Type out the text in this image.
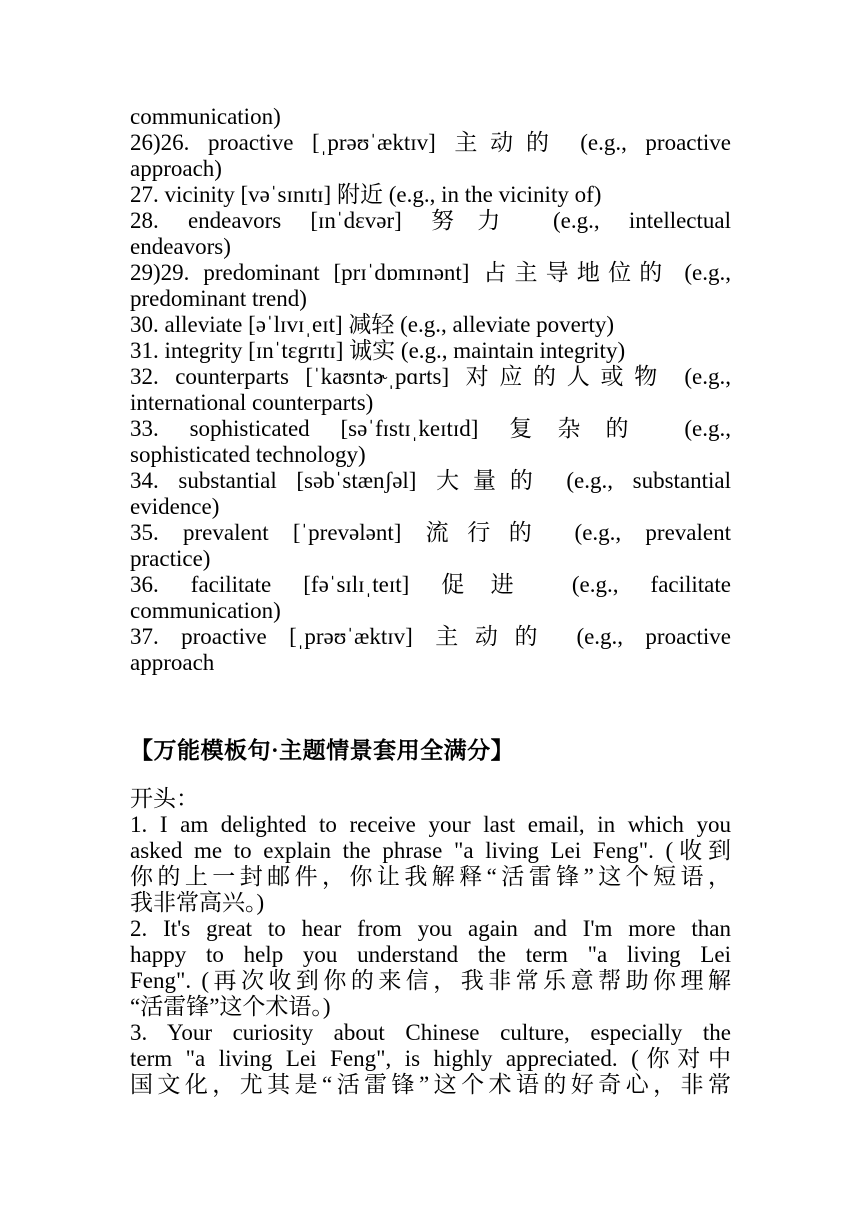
communication)
26)26. proactive [ˌprəʊˈæktɪv] 主动的 (e.g., proactive
approach)
27. vicinity [vəˈsɪnɪtɪ] 附近 (e.g., in the vicinity of)
28. endeavors [ɪnˈdɛvər] 努力 (e.g., intellectual
endeavors)
29)29. predominant [prɪˈdɒmɪnənt] 占主导地位的 (e.g.,
predominant trend)
30. alleviate [əˈlɪvɪˌeɪt] 减轻 (e.g., alleviate poverty)
31. integrity [ɪnˈtɛgrɪtɪ] 诚实 (e.g., maintain integrity)
32. counterparts [ˈkaʊntɚˌpɑrts] 对应的人或物 (e.g.,
international counterparts)
33. sophisticated [səˈfɪstɪˌkeɪtɪd] 复杂的 (e.g.,
sophisticated technology)
34. substantial [səbˈstænʃəl] 大量的 (e.g., substantial
evidence)
35. prevalent [ˈprevələnt] 流行的 (e.g., prevalent
practice)
36. facilitate [fəˈsɪlɪˌteɪt] 促进 (e.g., facilitate
communication)
37. proactive [ˌprəʊˈæktɪv] 主动的 (e.g., proactive
approach
【万能模板句·主题情景套用全满分】
开头：
1. I am delighted to receive your last email, in which you
asked me to explain the phrase "a living Lei Feng". (收到
你的上一封邮件，你让我解释“活雷锋”这个短语，
我非常高兴。)
2. It's great to hear from you again and I'm more than
happy to help you understand the term "a living Lei
Feng". (再次收到你的来信，我非常乐意帮助你理解
“活雷锋”这个术语。)
3. Your curiosity about Chinese culture, especially the
term "a living Lei Feng", is highly appreciated. (你对中
国文化，尤其是“活雷锋”这个术语的好奇心，非常
